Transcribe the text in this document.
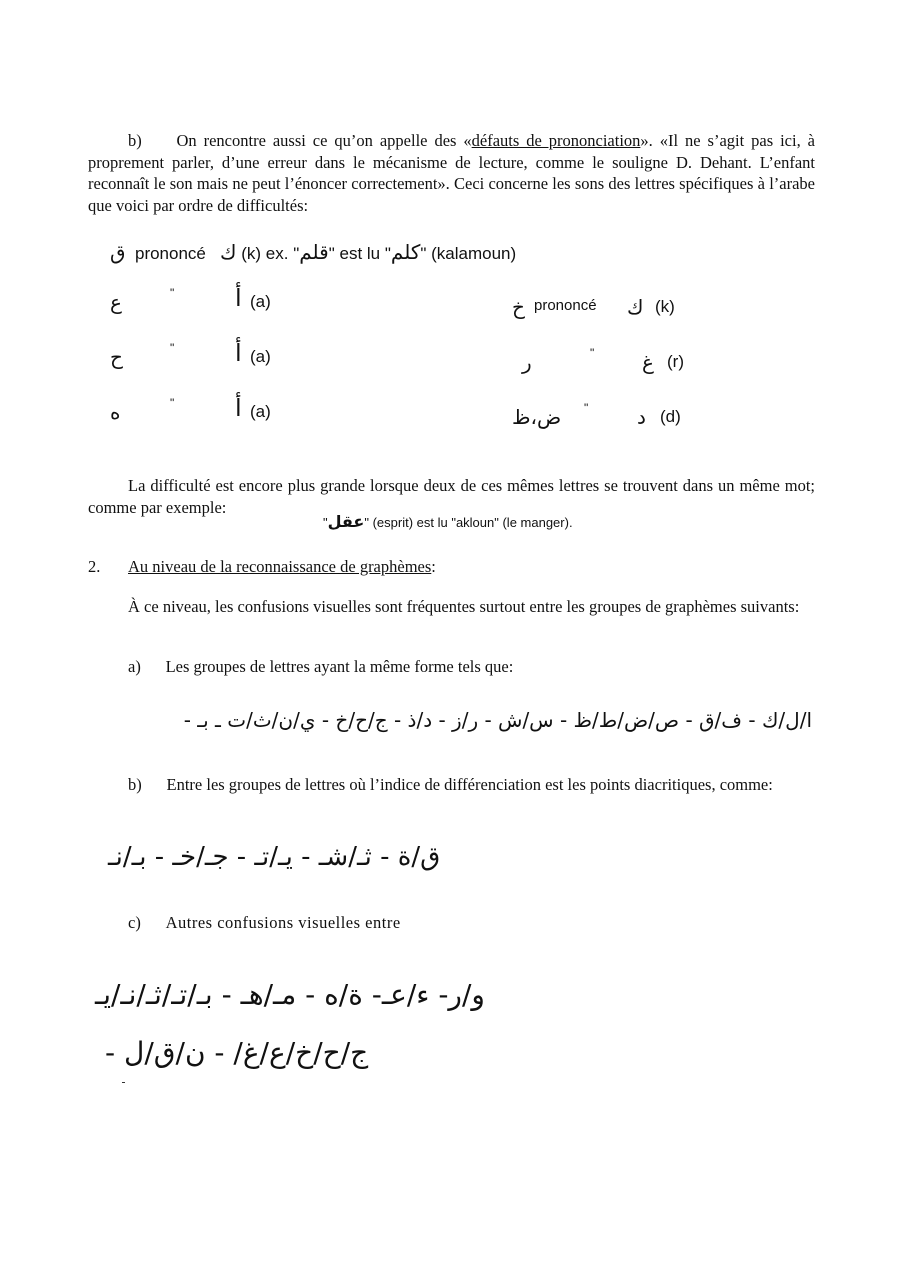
b) On rencontre aussi ce qu’on appelle des «défauts de prononciation». «Il ne s’agit pas ici, à proprement parler, d’une erreur dans le mécanisme de lecture, comme le souligne D. Dehant. L’enfant reconnaît le son mais ne peut l’énoncer correctement». Ceci concerne les sons des lettres spécifiques à l’arabe que voici par ordre de difficultés:
ق prononcé ك (k) ex. "قلم" est lu "كلم" (kalamoun)
ع	"	أ (a)
ح	"	أ (a)
ه	"	أ (a)
خ prononcé ك (k)
ر	" غ (r)
ض،ظ " د (d)
La difficulté est encore plus grande lorsque deux de ces mêmes lettres se trouvent dans un même mot; comme par exemple:
"عقل" (esprit) est lu "akloun" (le manger).
2. Au niveau de la reconnaissance de graphèmes:
À ce niveau, les confusions visuelles sont fréquentes surtout entre les groupes de graphèmes suivants:
a) Les groupes de lettres ayant la même forme tels que:
ا/ل/ك - ف/ق - ص/ض/ط/ظ - س/ش - ر/ز - د/ذ - ج/ح/خ - ي/ن/ث/ت ـ بـ -
b) Entre les groupes de lettres où l’indice de différenciation est les points diacritiques, comme:
ق/ة - ثـ/شـ - يـ/تـ - جـ/خـ - بـ/نـ
c) Autres confusions visuelles entre
و/ر- ء/عـ- ة/ه - مـ/هـ - بـ/تـ/ثـ/نـ/يـ
ج/ح/خ/ع/غ/ - ن/ق/ل -
